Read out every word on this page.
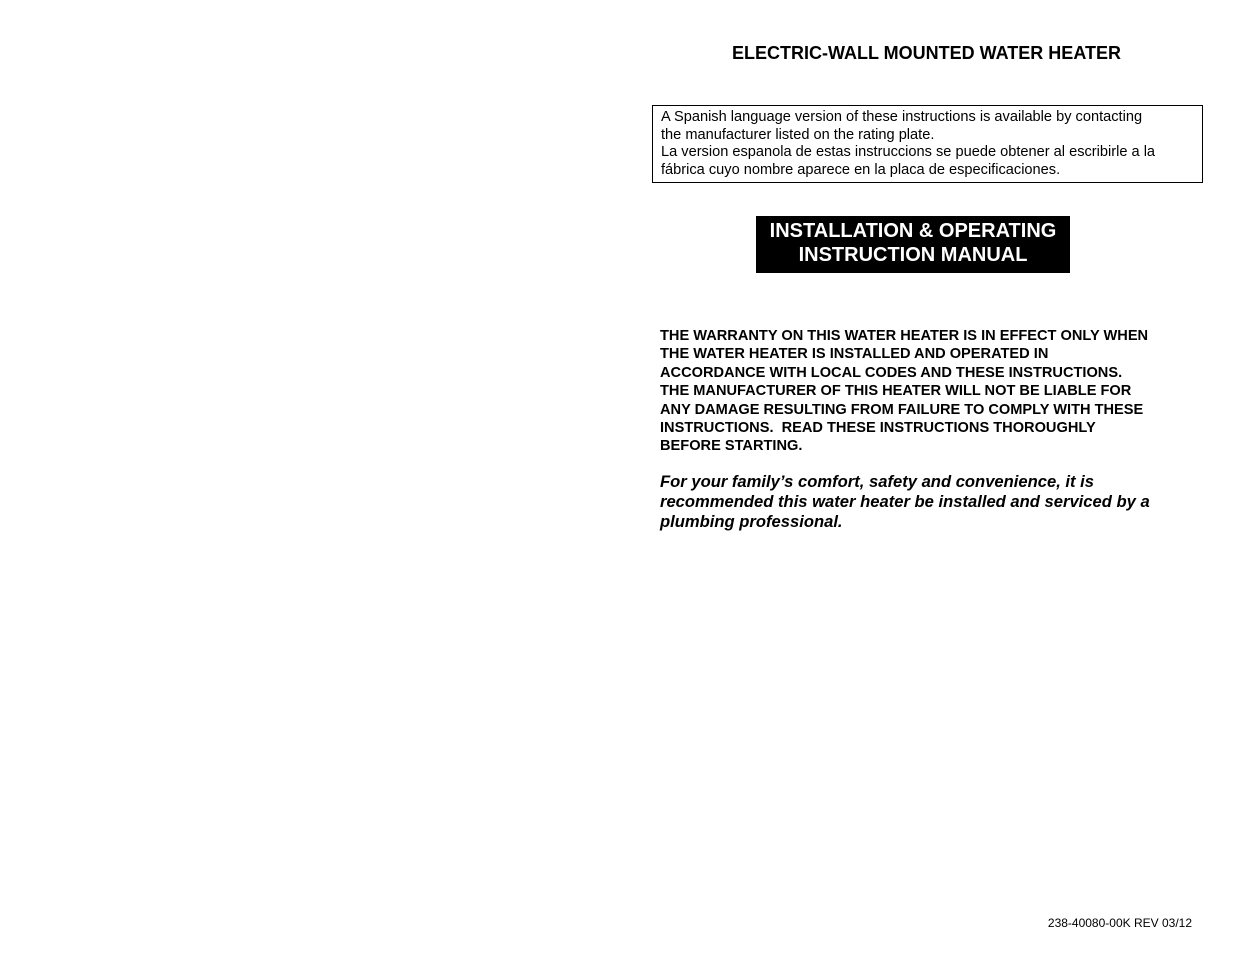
ELECTRIC-WALL MOUNTED WATER HEATER
A Spanish language version of these instructions is available by contacting
the manufacturer listed on the rating plate.
La version espanola de estas instruccions se puede obtener al escribirle a la
fábrica cuyo nombre aparece en la placa de especificaciones.
INSTALLATION & OPERATING
INSTRUCTION MANUAL
THE WARRANTY ON THIS WATER HEATER IS IN EFFECT ONLY WHEN
THE WATER HEATER IS INSTALLED AND OPERATED IN
ACCORDANCE WITH LOCAL CODES AND THESE INSTRUCTIONS.
THE MANUFACTURER OF THIS HEATER WILL NOT BE LIABLE FOR
ANY DAMAGE RESULTING FROM FAILURE TO COMPLY WITH THESE
INSTRUCTIONS.  READ THESE INSTRUCTIONS THOROUGHLY
BEFORE STARTING.
For your family’s comfort, safety and convenience, it is
recommended this water heater be installed and serviced by a
plumbing professional.
238-40080-00K REV 03/12
